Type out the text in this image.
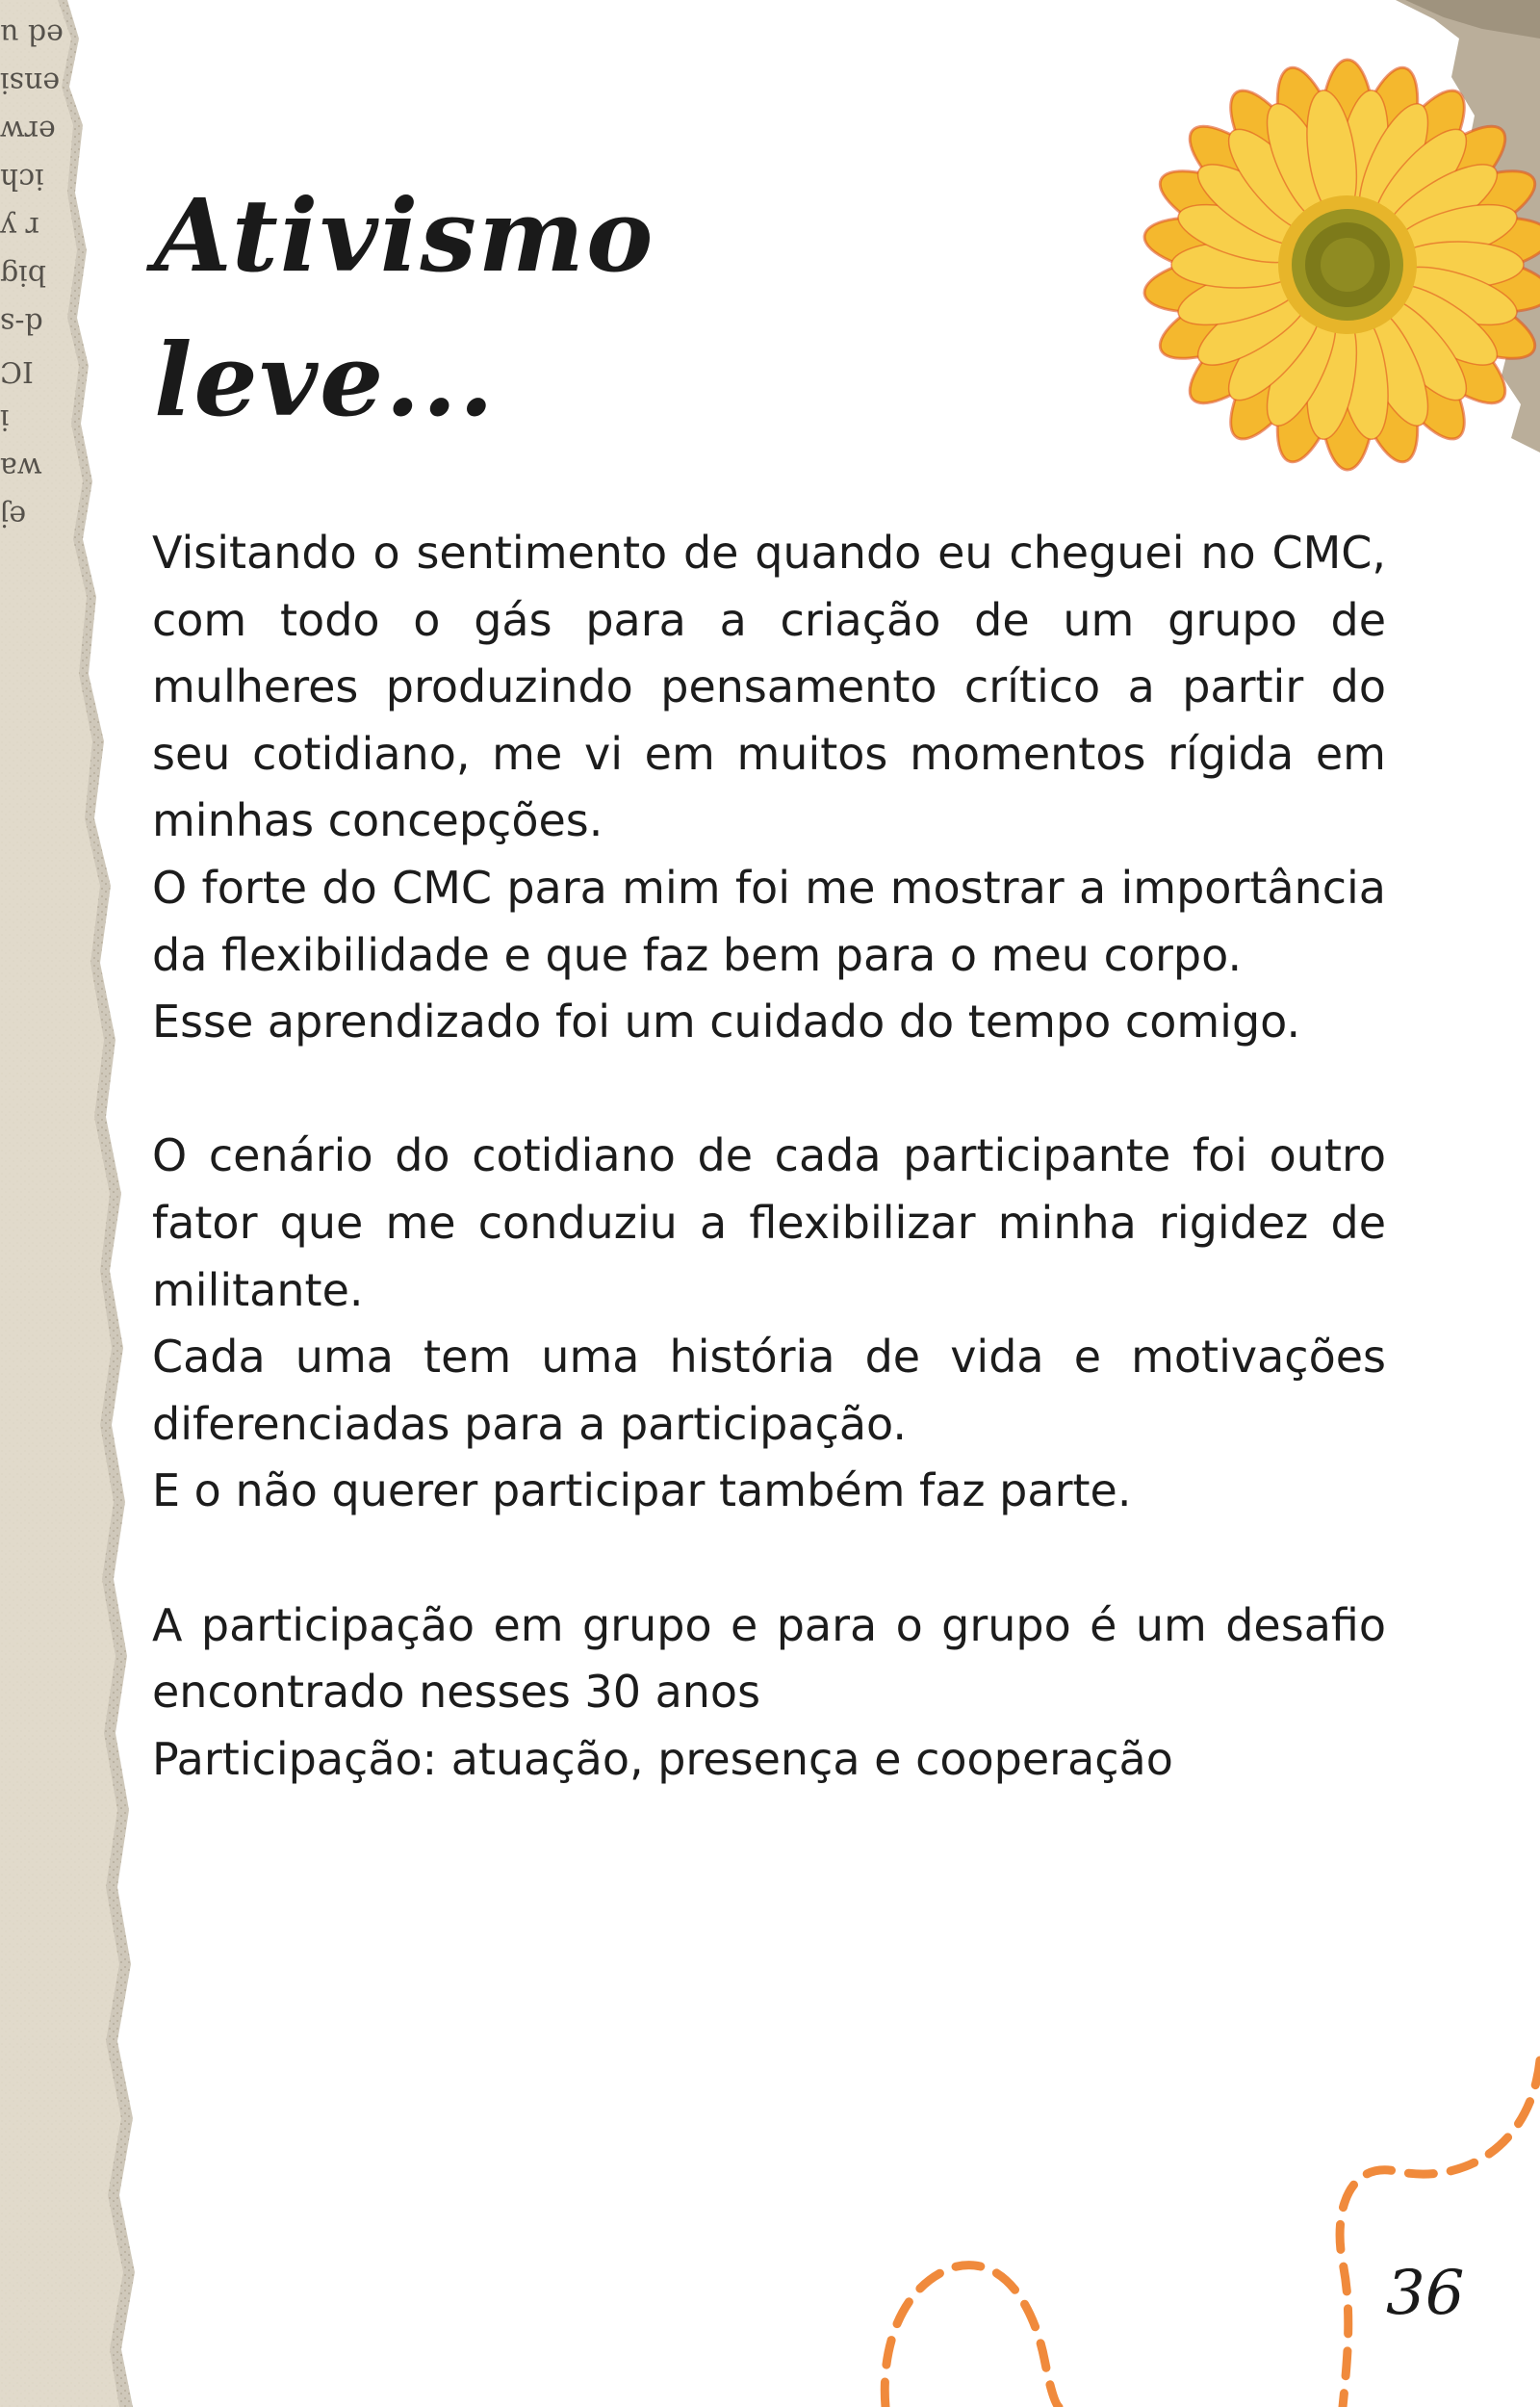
ed u
ensi
erw
ich
r y
big
d-s
IC
i
wa
ej
Ativismo
leve...

Visitando o sentimento de quando eu cheguei no CMC, com todo o gás para a criação de um grupo de mulheres produzindo pensamento crítico a partir do seu cotidiano, me vi em muitos momentos rígida em minhas concepções.

O forte do CMC para mim foi me mostrar a importância da flexibilidade e que faz bem para o meu corpo.

Esse aprendizado foi um cuidado do tempo comigo.

O cenário do cotidiano de cada participante foi outro fator que me conduziu a flexibilizar minha rigidez de militante.

Cada uma tem uma história de vida e motivações diferenciadas para a participação.

E o não querer participar também faz parte.

A participação em grupo e para o grupo é um desafio encontrado nesses 30 anos

Participação: atuação, presença e cooperação

36
